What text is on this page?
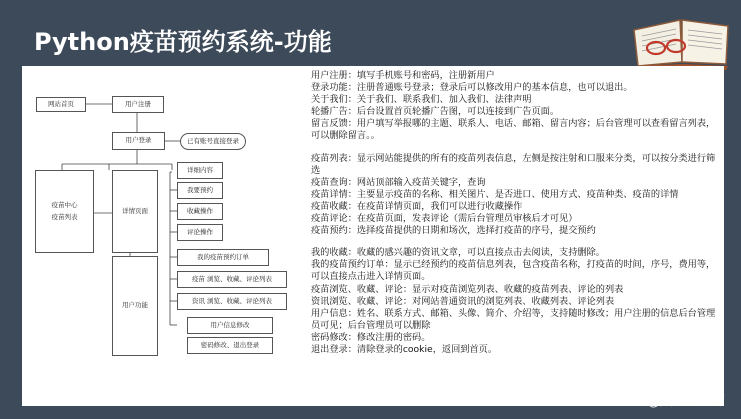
Python疫苗预约系统-功能
网站首页	用户注册
用户登录	已有账号直接登录
疫苗中心
疫苗列表
详情页面
详细内容
我要预约
收藏操作
评论操作
用户功能
我的疫苗预约订单
疫苗 浏览、收藏、评论列表
资讯 浏览、收藏、评论列表
用户信息修改
密码修改、退出登录

用户注册：填写手机账号和密码，注册新用户

登录功能：注册普通账号登录；登录后可以修改用户的基本信息，也可以退出。

关于我们：关于我们、联系我们、加入我们、法律声明

轮播广告：后台设置首页轮播广告图，可以连接到广告页面。

留言反馈：用户填写举报哪的主题、联系人、电话、邮箱、留言内容；后台管理可以查看留言列表，可以删除留言。。

疫苗列表：显示网站能提供的所有的疫苗列表信息，左侧是按注射和口服来分类，可以按分类进行筛选

疫苗查询：网站顶部输入疫苗关键字，查询

疫苗详情：主要显示疫苗的名称、相关图片、是否进口、使用方式、疫苗种类、疫苗的详情

疫苗收藏：在疫苗详情页面，我们可以进行收藏操作

疫苗评论：在疫苗页面，发表评论（需后台管理员审核后才可见）

疫苗预约：选择疫苗提供的日期和场次，选择打疫苗的序号，提交预约

我的收藏：收藏的感兴趣的资讯文章，可以直接点击去阅读，支持删除。

我的疫苗预约订单：显示已经预约的疫苗信息列表，包含疫苗名称，打疫苗的时间，序号，费用等，可以直接点击进入详情页面。

疫苗浏览、收藏、评论：显示对疫苗浏览列表、收藏的疫苗列表、评论的列表

资讯浏览、收藏、评论：对网站普通资讯的浏览列表、收藏列表、评论列表

用户信息：姓名、联系方式、邮箱、头像、简介、介绍等，支持随时修改；用户注册的信息后台管理员可见；后台管理员可以删除

密码修改：修改注册的密码。

退出登录：清除登录的cookie，返回到首页。

CSDN @黄菊华老师
